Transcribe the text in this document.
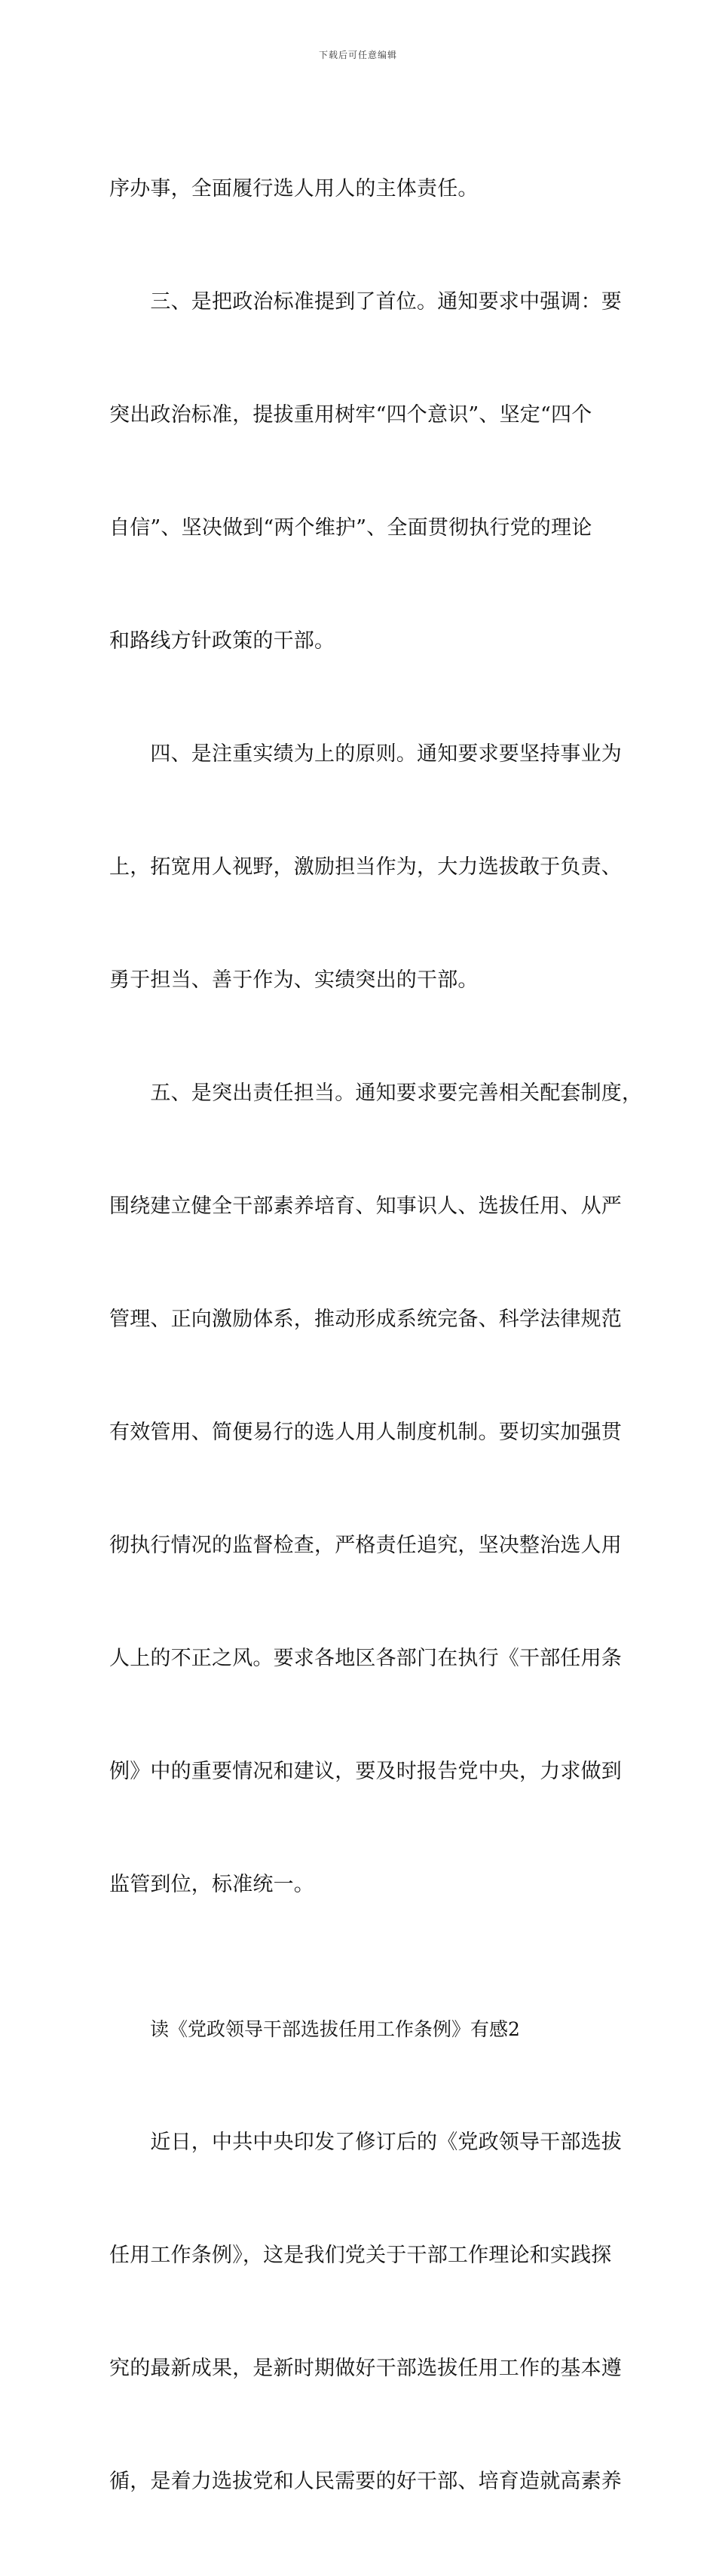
下载后可任意编辑

序办事，全面履行选人用人的主体责任。

　　三、是把政治标准提到了首位。通知要求中强调：要

突出政治标准，提拔重用树牢“四个意识”、坚定“四个

自信”、坚决做到“两个维护”、全面贯彻执行党的理论

和路线方针政策的干部。

　　四、是注重实绩为上的原则。通知要求要坚持事业为

上，拓宽用人视野，激励担当作为，大力选拔敢于负责、

勇于担当、善于作为、实绩突出的干部。

　　五、是突出责任担当。通知要求要完善相关配套制度，

围绕建立健全干部素养培育、知事识人、选拔任用、从严

管理、正向激励体系，推动形成系统完备、科学法律规范

有效管用、简便易行的选人用人制度机制。要切实加强贯

彻执行情况的监督检查，严格责任追究，坚决整治选人用

人上的不正之风。要求各地区各部门在执行《干部任用条

例》中的重要情况和建议，要及时报告党中央，力求做到

监管到位，标准统一。

读《党政领导干部选拔任用工作条例》有感2

　　近日，中共中央印发了修订后的《党政领导干部选拔

任用工作条例》，这是我们党关于干部工作理论和实践探

究的最新成果，是新时期做好干部选拔任用工作的基本遵

循，是着力选拔党和人民需要的好干部、培育造就高素养
